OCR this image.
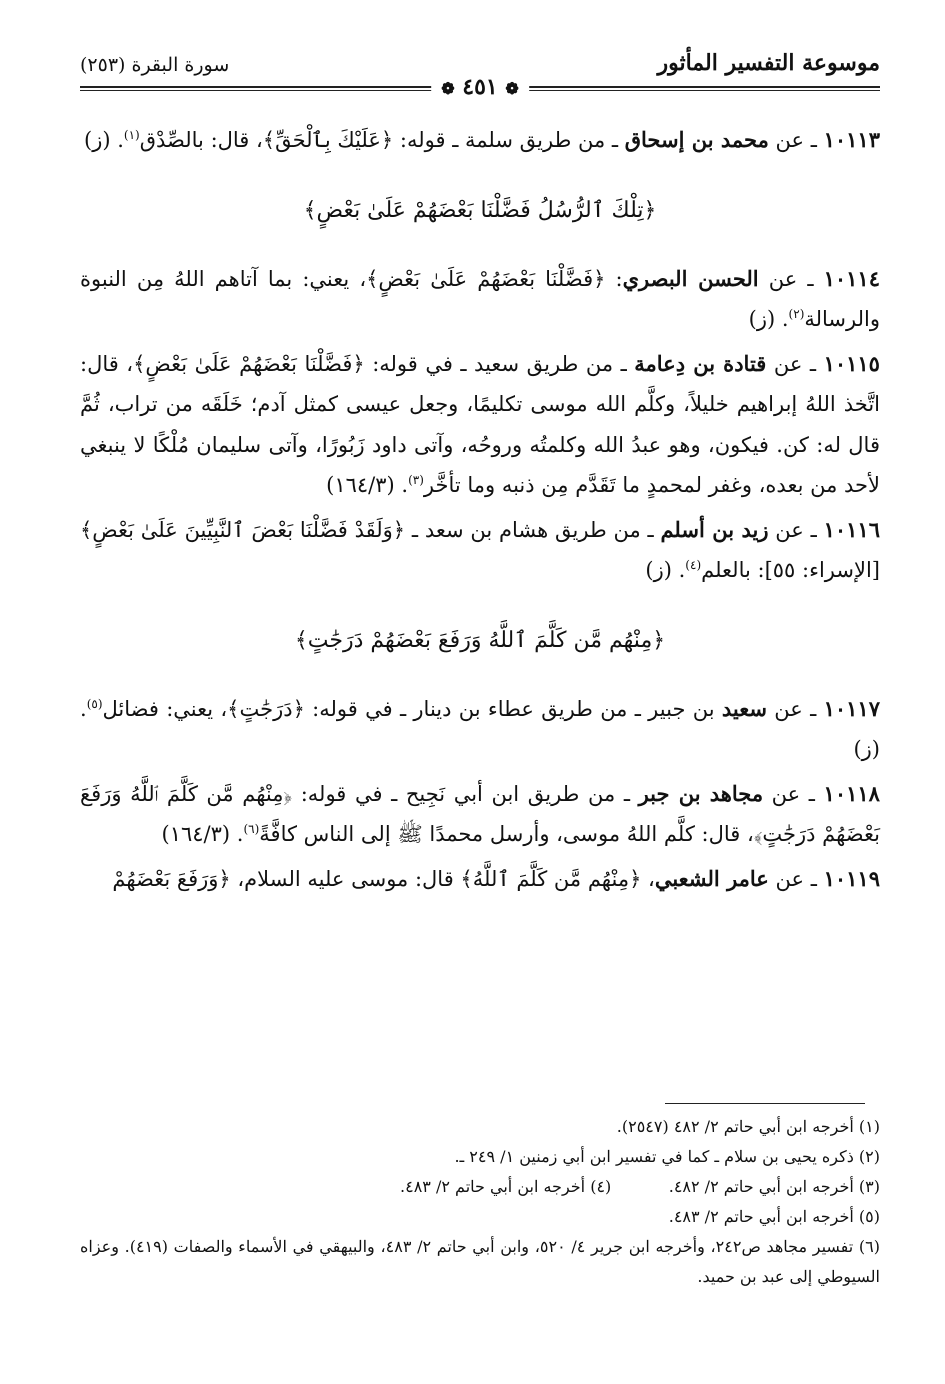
موسوعة التفسير المأثور
سورة البقرة (٢٥٣)
❁ ٤٥١ ❁

١٠١١٣ ـ عن محمد بن إسحاق ـ من طريق سلمة ـ قوله: ﴿عَلَيْكَ بِٱلْحَقِّ﴾، قال: بالصِّدْق$^{(١)}$. (ز)

﴿تِلْكَ ٱلرُّسُلُ فَضَّلْنَا بَعْضَهُمْ عَلَىٰ بَعْضٍ﴾

١٠١١٤ ـ عن الحسن البصري: ﴿فَضَّلْنَا بَعْضَهُمْ عَلَىٰ بَعْضٍ﴾، يعني: بما آتاهم اللهُ مِن النبوة والرسالة$^{(٢)}$. (ز)

١٠١١٥ ـ عن قتادة بن دِعامة ـ من طريق سعيد ـ في قوله: ﴿فَضَّلْنَا بَعْضَهُمْ عَلَىٰ بَعْضٍ﴾، قال: اتَّخذ اللهُ إبراهيم خليلاً، وكلَّم الله موسى تكليمًا، وجعل عيسى كمثل آدم؛ خَلَقَه من تراب، ثُمَّ قال له: كن. فيكون، وهو عبدُ الله وكلمتُه وروحُه، وآتى داود زَبُورًا، وآتى سليمان مُلْكًا لا ينبغي لأحد من بعده، وغفر لمحمدٍ ما تَقَدَّم مِن ذنبه وما تأخَّر$^{(٣)}$. (١٦٤/٣)

١٠١١٦ ـ عن زيد بن أسلم ـ من طريق هشام بن سعد ـ ﴿وَلَقَدْ فَضَّلْنَا بَعْضَ ٱلنَّبِيِّينَ عَلَىٰ بَعْضٍ﴾ [الإسراء: ٥٥]: بالعلم$^{(٤)}$. (ز)

﴿مِنْهُم مَّن كَلَّمَ ٱللَّهُ وَرَفَعَ بَعْضَهُمْ دَرَجَٰتٍ﴾

١٠١١٧ ـ عن سعيد بن جبير ـ من طريق عطاء بن دينار ـ في قوله: ﴿دَرَجَٰتٍ﴾، يعني: فضائل$^{(٥)}$. (ز)

١٠١١٨ ـ عن مجاهد بن جبر ـ من طريق ابن أبي نَجِيح ـ في قوله: ﴿مِنْهُم مَّن كَلَّمَ ٱللَّهُ وَرَفَعَ بَعْضَهُمْ دَرَجَٰتٍ﴾، قال: كلَّم اللهُ موسى، وأرسل محمدًا ﷺ إلى الناس كافَّةً$^{(٦)}$. (١٦٤/٣)

١٠١١٩ ـ عن عامر الشعبي، ﴿مِنْهُم مَّن كَلَّمَ ٱللَّهُ﴾ قال: موسى عليه السلام، ﴿وَرَفَعَ بَعْضَهُمْ

(١) أخرجه ابن أبي حاتم ٢/ ٤٨٢ (٢٥٤٧).
(٢) ذكره يحيى بن سلام ـ كما في تفسير ابن أبي زمنين ١/ ٢٤٩ ـ.
(٣) أخرجه ابن أبي حاتم ٢/ ٤٨٢.
(٤) أخرجه ابن أبي حاتم ٢/ ٤٨٣.
(٥) أخرجه ابن أبي حاتم ٢/ ٤٨٣.
(٦) تفسير مجاهد ص٢٤٢، وأخرجه ابن جرير ٤/ ٥٢٠، وابن أبي حاتم ٢/ ٤٨٣، والبيهقي في الأسماء والصفات (٤١٩). وعزاه السيوطي إلى عبد بن حميد.
